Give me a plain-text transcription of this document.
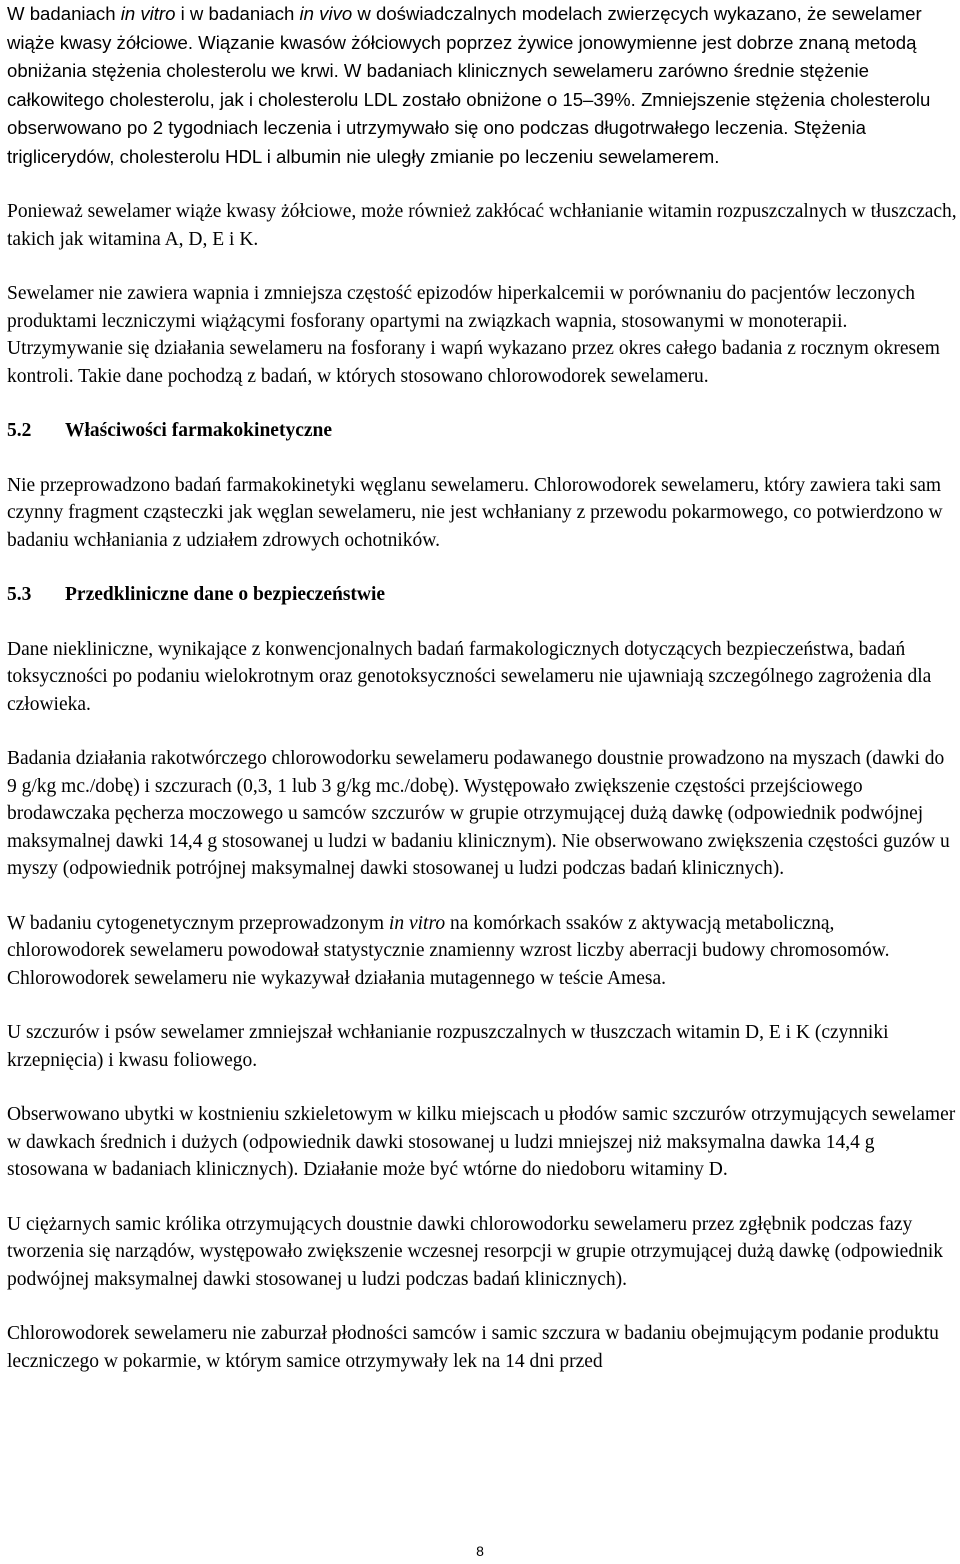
W badaniach in vitro i w badaniach in vivo w doświadczalnych modelach zwierzęcych wykazano, że sewelamer wiąże kwasy żółciowe. Wiązanie kwasów żółciowych poprzez żywice jonowymienne jest dobrze znaną metodą obniżania stężenia cholesterolu we krwi. W badaniach klinicznych sewelameru zarówno średnie stężenie całkowitego cholesterolu, jak i cholesterolu LDL zostało obniżone o 15–39%. Zmniejszenie stężenia cholesterolu obserwowano po 2 tygodniach leczenia i utrzymywało się ono podczas długotrwałego leczenia. Stężenia triglicerydów, cholesterolu HDL i albumin nie uległy zmianie po leczeniu sewelamerem.

Ponieważ sewelamer wiąże kwasy żółciowe, może również zakłócać wchłanianie witamin rozpuszczalnych w tłuszczach, takich jak witamina A, D, E i K.

Sewelamer nie zawiera wapnia i zmniejsza częstość epizodów hiperkalcemii w porównaniu do pacjentów leczonych produktami leczniczymi wiążącymi fosforany opartymi na związkach wapnia, stosowanymi w monoterapii. Utrzymywanie się działania sewelameru na fosforany i wapń wykazano przez okres całego badania z rocznym okresem kontroli. Takie dane pochodzą z badań, w których stosowano chlorowodorek sewelameru.

5.2 Właściwości farmakokinetyczne

Nie przeprowadzono badań farmakokinetyki węglanu sewelameru. Chlorowodorek sewelameru, który zawiera taki sam czynny fragment cząsteczki jak węglan sewelameru, nie jest wchłaniany z przewodu pokarmowego, co potwierdzono w badaniu wchłaniania z udziałem zdrowych ochotników.

5.3 Przedkliniczne dane o bezpieczeństwie

Dane niekliniczne, wynikające z konwencjonalnych badań farmakologicznych dotyczących bezpieczeństwa, badań toksyczności po podaniu wielokrotnym oraz genotoksyczności sewelameru nie ujawniają szczególnego zagrożenia dla człowieka.

Badania działania rakotwórczego chlorowodorku sewelameru podawanego doustnie prowadzono na myszach (dawki do 9 g/kg mc./dobę) i szczurach (0,3, 1 lub 3 g/kg mc./dobę). Występowało zwiększenie częstości przejściowego brodawczaka pęcherza moczowego u samców szczurów w grupie otrzymującej dużą dawkę (odpowiednik podwójnej maksymalnej dawki 14,4 g stosowanej u ludzi w badaniu klinicznym). Nie obserwowano zwiększenia częstości guzów u myszy (odpowiednik potrójnej maksymalnej dawki stosowanej u ludzi podczas badań klinicznych).

W badaniu cytogenetycznym przeprowadzonym in vitro na komórkach ssaków z aktywacją metaboliczną, chlorowodorek sewelameru powodował statystycznie znamienny wzrost liczby aberracji budowy chromosomów. Chlorowodorek sewelameru nie wykazywał działania mutagennego w teście Amesa.

U szczurów i psów sewelamer zmniejszał wchłanianie rozpuszczalnych w tłuszczach witamin D, E i K (czynniki krzepnięcia) i kwasu foliowego.

Obserwowano ubytki w kostnieniu szkieletowym w kilku miejscach u płodów samic szczurów otrzymujących sewelamer w dawkach średnich i dużych (odpowiednik dawki stosowanej u ludzi mniejszej niż maksymalna dawka 14,4 g stosowana w badaniach klinicznych). Działanie może być wtórne do niedoboru witaminy D.

U ciężarnych samic królika otrzymujących doustnie dawki chlorowodorku sewelameru przez zgłębnik podczas fazy tworzenia się narządów, występowało zwiększenie wczesnej resorpcji w grupie otrzymującej dużą dawkę (odpowiednik podwójnej maksymalnej dawki stosowanej u ludzi podczas badań klinicznych).

Chlorowodorek sewelameru nie zaburzał płodności samców i samic szczura w badaniu obejmującym podanie produktu leczniczego w pokarmie, w którym samice otrzymywały lek na 14 dni przed

8
